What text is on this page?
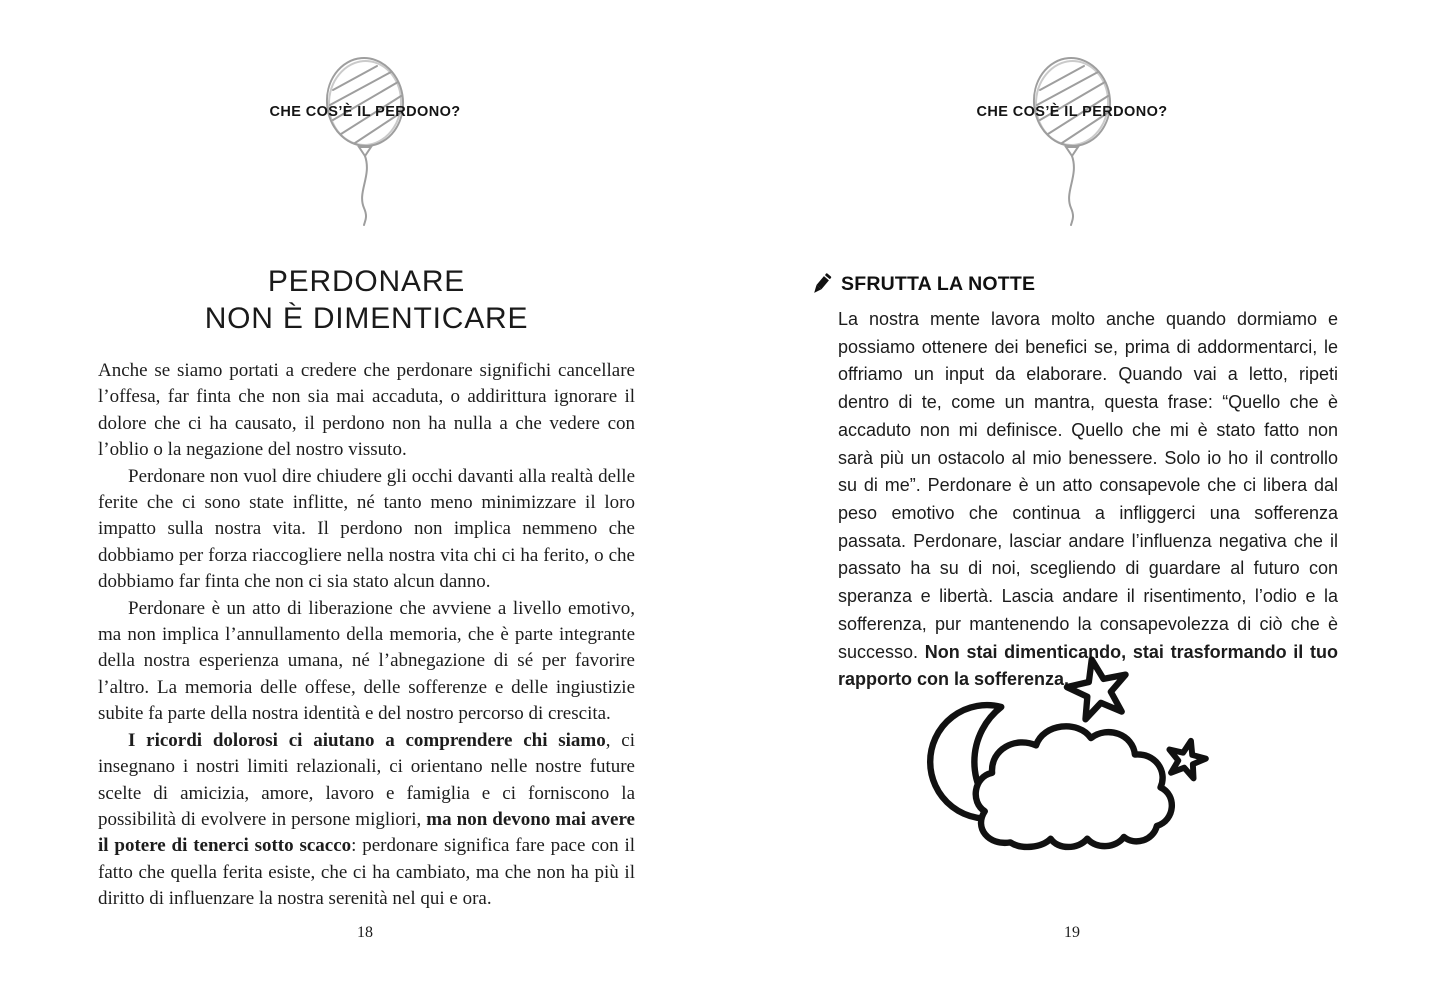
CHE COS’È IL PERDONO?
PERDONARE
NON È DIMENTICARE

Anche se siamo portati a credere che perdonare significhi cancellare l’offesa, far finta che non sia mai accaduta, o addirittura ignorare il dolore che ci ha causato, il perdono non ha nulla a che vedere con l’oblio o la negazione del nostro vissuto.

Perdonare non vuol dire chiudere gli occhi davanti alla realtà delle ferite che ci sono state inflitte, né tanto meno minimizzare il loro impatto sulla nostra vita. Il perdono non implica nemmeno che dobbiamo per forza riaccogliere nella nostra vita chi ci ha ferito, o che dobbiamo far finta che non ci sia stato alcun danno.

Perdonare è un atto di liberazione che avviene a livello emotivo, ma non implica l’annullamento della memoria, che è parte integrante della nostra esperienza umana, né l’abnegazione di sé per favorire l’altro. La memoria delle offese, delle sofferenze e delle ingiustizie subite fa parte della nostra identità e del nostro percorso di crescita.

I ricordi dolorosi ci aiutano a comprendere chi siamo, ci insegnano i nostri limiti relazionali, ci orientano nelle nostre future scelte di amicizia, amore, lavoro e famiglia e ci forniscono la possibilità di evolvere in persone migliori, ma non devono mai avere il potere di tenerci sotto scacco: perdonare significa fare pace con il fatto che quella ferita esiste, che ci ha cambiato, ma che non ha più il diritto di influenzare la nostra serenità nel qui e ora.

18
CHE COS’È IL PERDONO?
SFRUTTA LA NOTTE
La nostra mente lavora molto anche quando dormiamo e possiamo ottenere dei benefici se, prima di addormentarci, le offriamo un input da elaborare. Quando vai a letto, ripeti dentro di te, come un mantra, questa frase: “Quello che è accaduto non mi definisce. Quello che mi è stato fatto non sarà più un ostacolo al mio benessere. Solo io ho il controllo su di me”. Perdonare è un atto consapevole che ci libera dal peso emotivo che continua a infliggerci una sofferenza passata. Perdonare, lasciar andare l’influenza negativa che il passato ha su di noi, scegliendo di guardare al futuro con speranza e libertà. Lascia andare il risentimento, l’odio e la sofferenza, pur mantenendo la consapevolezza di ciò che è successo. Non stai dimenticando, stai trasformando il tuo rapporto con la sofferenza.
19
